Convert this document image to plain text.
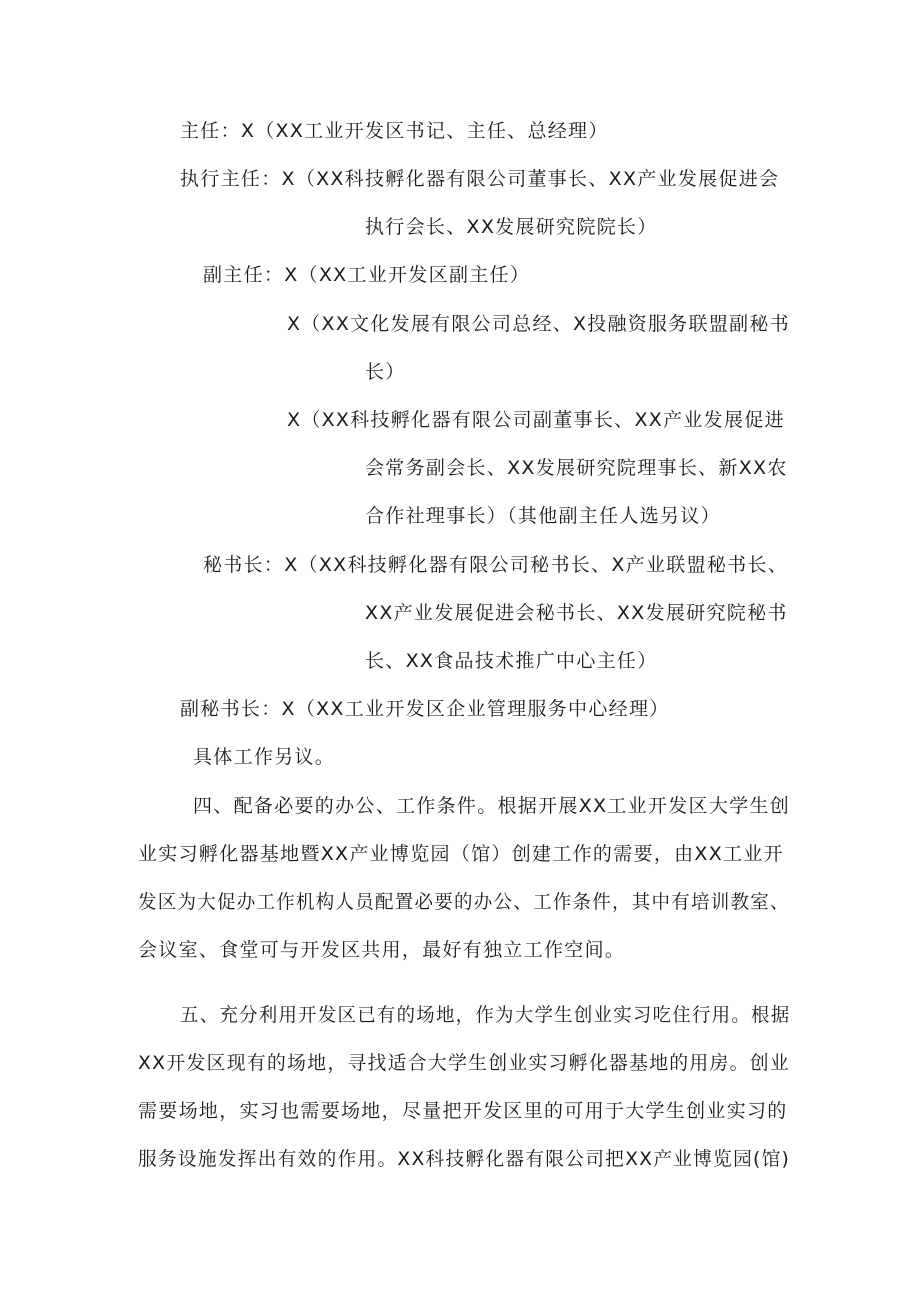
主任：X（XX工业开发区书记、主任、总经理）
执行主任：X（XX科技孵化器有限公司董事长、XX产业发展促进会
执行会长、XX发展研究院院长）
副主任：X（XX工业开发区副主任）
X（XX文化发展有限公司总经、X投融资服务联盟副秘书
长）
X（XX科技孵化器有限公司副董事长、XX产业发展促进
会常务副会长、XX发展研究院理事长、新XX农
合作社理事长）（其他副主任人选另议）
秘书长：X（XX科技孵化器有限公司秘书长、X产业联盟秘书长、
XX产业发展促进会秘书长、XX发展研究院秘书
长、XX食品技术推广中心主任）
副秘书长：X（XX工业开发区企业管理服务中心经理）
具体工作另议。
四、配备必要的办公、工作条件。根据开展XX工业开发区大学生创
业实习孵化器基地暨XX产业博览园（馆）创建工作的需要，由XX工业开
发区为大促办工作机构人员配置必要的办公、工作条件，其中有培训教室、
会议室、食堂可与开发区共用，最好有独立工作空间。
五、充分利用开发区已有的场地，作为大学生创业实习吃住行用。根据
XX开发区现有的场地，寻找适合大学生创业实习孵化器基地的用房。创业
需要场地，实习也需要场地，尽量把开发区里的可用于大学生创业实习的
服务设施发挥出有效的作用。XX科技孵化器有限公司把XX产业博览园(馆)
